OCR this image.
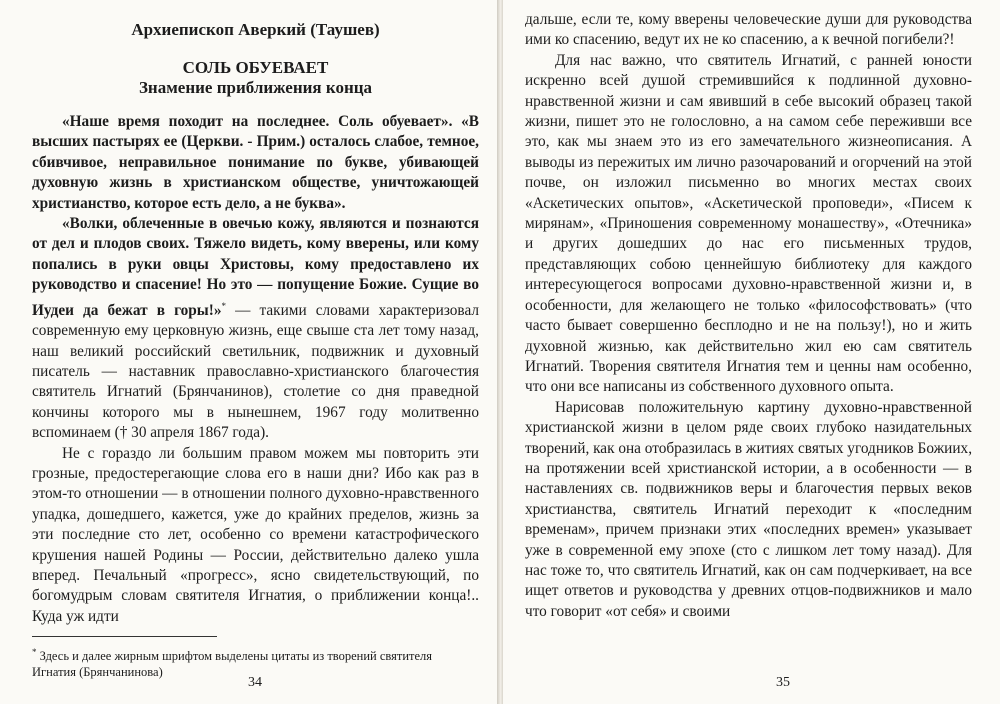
Архиепископ Аверкий (Таушев)
СОЛЬ ОБУЕВАЕТ
Знамение приближения конца

«Наше время походит на последнее. Соль обуевает». «В высших пастырях ее (Церкви. - Прим.) осталось слабое, темное, сбивчивое, неправильное понимание по букве, убивающей духовную жизнь в христианском обществе, уничтожающей христианство, которое есть дело, а не буква».

«Волки, облеченные в овечью кожу, являются и познаются от дел и плодов своих. Тяжело видеть, кому вверены, или кому попались в руки овцы Христовы, кому предоставлено их руководство и спасение! Но это — попущение Божие. Сущие во Иудеи да бежат в горы!»* — такими словами характеризовал современную ему церковную жизнь, еще свыше ста лет тому назад, наш великий российский светильник, подвижник и духовный писатель — наставник православно-христианского благочестия святитель Игнатий (Брянчанинов), столетие со дня праведной кончины которого мы в нынешнем, 1967 году молитвенно вспоминаем († 30 апреля 1867 года).

Не с гораздо ли большим правом можем мы повторить эти грозные, предостерегающие слова его в наши дни? Ибо как раз в этом-то отношении — в отношении полного духовно-нравственного упадка, дошедшего, кажется, уже до крайних пределов, жизнь за эти последние сто лет, особенно со времени катастрофического крушения нашей Родины — России, действительно далеко ушла вперед. Печальный «прогресс», ясно свидетельствующий, по богомудрым словам святителя Игнатия, о приближении конца!.. Куда уж идти

* Здесь и далее жирным шрифтом выделены цитаты из творений святителя Игнатия (Брянчанинова)
34

дальше, если те, кому вверены человеческие души для руководства ими ко спасению, ведут их не ко спасению, а к вечной погибели?!

Для нас важно, что святитель Игнатий, с ранней юности искренно всей душой стремившийся к подлинной духовно-нравственной жизни и сам явивший в себе высокий образец такой жизни, пишет это не голословно, а на самом себе переживши все это, как мы знаем это из его замечательного жизнеописания. А выводы из пережитых им лично разочарований и огорчений на этой почве, он изложил письменно во многих местах своих «Аскетических опытов», «Аскетической проповеди», «Писем к мирянам», «Приношения современному монашеству», «Отечника» и других дошедших до нас его письменных трудов, представляющих собою ценнейшую библиотеку для каждого интересующегося вопросами духовно-нравственной жизни и, в особенности, для желающего не только «философствовать» (что часто бывает совершенно бесплодно и не на пользу!), но и жить духовной жизнью, как действительно жил ею сам святитель Игнатий. Творения святителя Игнатия тем и ценны нам особенно, что они все написаны из собственного духовного опыта.

Нарисовав положительную картину духовно-нравственной христианской жизни в целом ряде своих глубоко назидательных творений, как она отобразилась в житиях святых угодников Божиих, на протяжении всей христианской истории, а в особенности — в наставлениях св. подвижников веры и благочестия первых веков христианства, святитель Игнатий переходит к «последним временам», причем признаки этих «последних времен» указывает уже в современной ему эпохе (сто с лишком лет тому назад). Для нас тоже то, что святитель Игнатий, как он сам подчеркивает, на все ищет ответов и руководства у древних отцов-подвижников и мало что говорит «от себя» и своими

35
